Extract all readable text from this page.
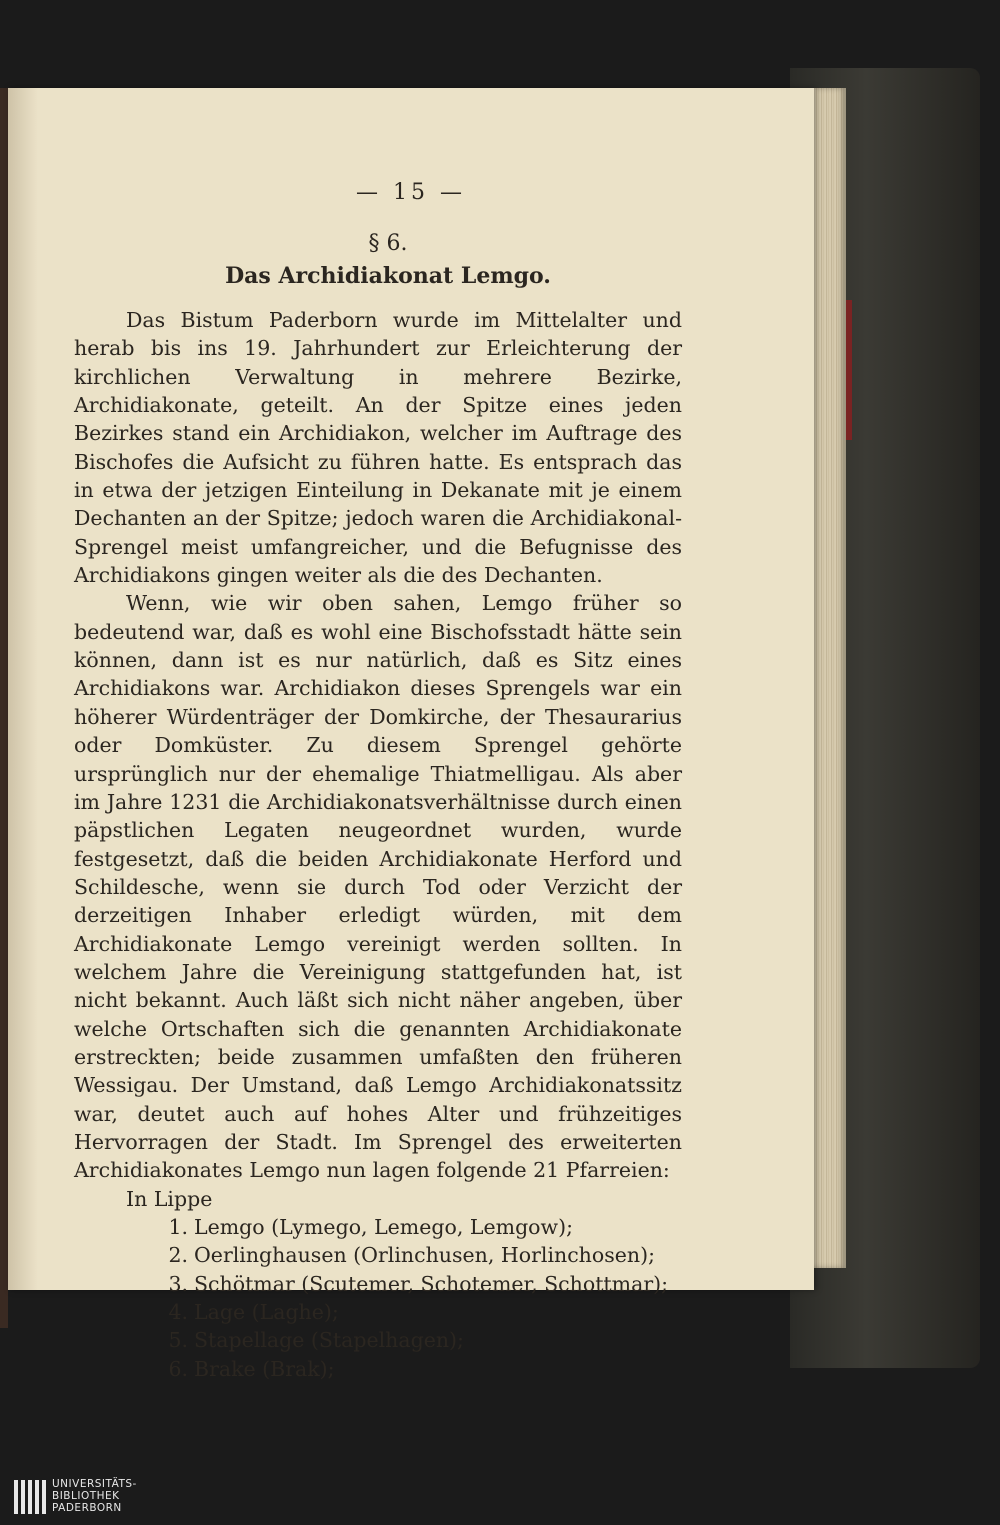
— 15 —
§ 6.
Das Archidiakonat Lemgo.

Das Bistum Paderborn wurde im Mittelalter und herab bis ins 19. Jahrhundert zur Erleichterung der kirchlichen Verwaltung in mehrere Bezirke, Archidiakonate, geteilt. An der Spitze eines jeden Bezirkes stand ein Archidiakon, welcher im Auftrage des Bischofes die Aufsicht zu führen hatte. Es entsprach das in etwa der jetzigen Einteilung in Dekanate mit je einem Dechanten an der Spitze; jedoch waren die Archidiakonal-Sprengel meist umfangreicher, und die Befugnisse des Archidiakons gingen weiter als die des Dechanten.

Wenn, wie wir oben sahen, Lemgo früher so bedeutend war, daß es wohl eine Bischofsstadt hätte sein können, dann ist es nur natürlich, daß es Sitz eines Archidiakons war. Archidiakon dieses Sprengels war ein höherer Würdenträger der Domkirche, der Thesaurarius oder Domküster. Zu diesem Sprengel gehörte ursprünglich nur der ehemalige Thiatmelligau. Als aber im Jahre 1231 die Archidiakonatsverhältnisse durch einen päpstlichen Legaten neugeordnet wurden, wurde festgesetzt, daß die beiden Archidiakonate Herford und Schildesche, wenn sie durch Tod oder Verzicht der derzeitigen Inhaber erledigt würden, mit dem Archidiakonate Lemgo vereinigt werden sollten. In welchem Jahre die Vereinigung stattgefunden hat, ist nicht bekannt. Auch läßt sich nicht näher angeben, über welche Ortschaften sich die genannten Archidiakonate erstreckten; beide zusammen umfaßten den früheren Wessigau. Der Umstand, daß Lemgo Archidiakonatssitz war, deutet auch auf hohes Alter und frühzeitiges Hervorragen der Stadt. Im Sprengel des erweiterten Archidiakonates Lemgo nun lagen folgende 21 Pfarreien:

In Lippe

1. Lemgo (Lymego, Lemego, Lemgow);
2. Oerlinghausen (Orlinchusen, Horlinchosen);
3. Schötmar (Scutemer, Schotemer, Schottmar);
4. Lage (Laghe);
5. Stapellage (Stapelhagen);
6. Brake (Brak);
UNIVERSITÄTS-
BIBLIOTHEK
PADERBORN
